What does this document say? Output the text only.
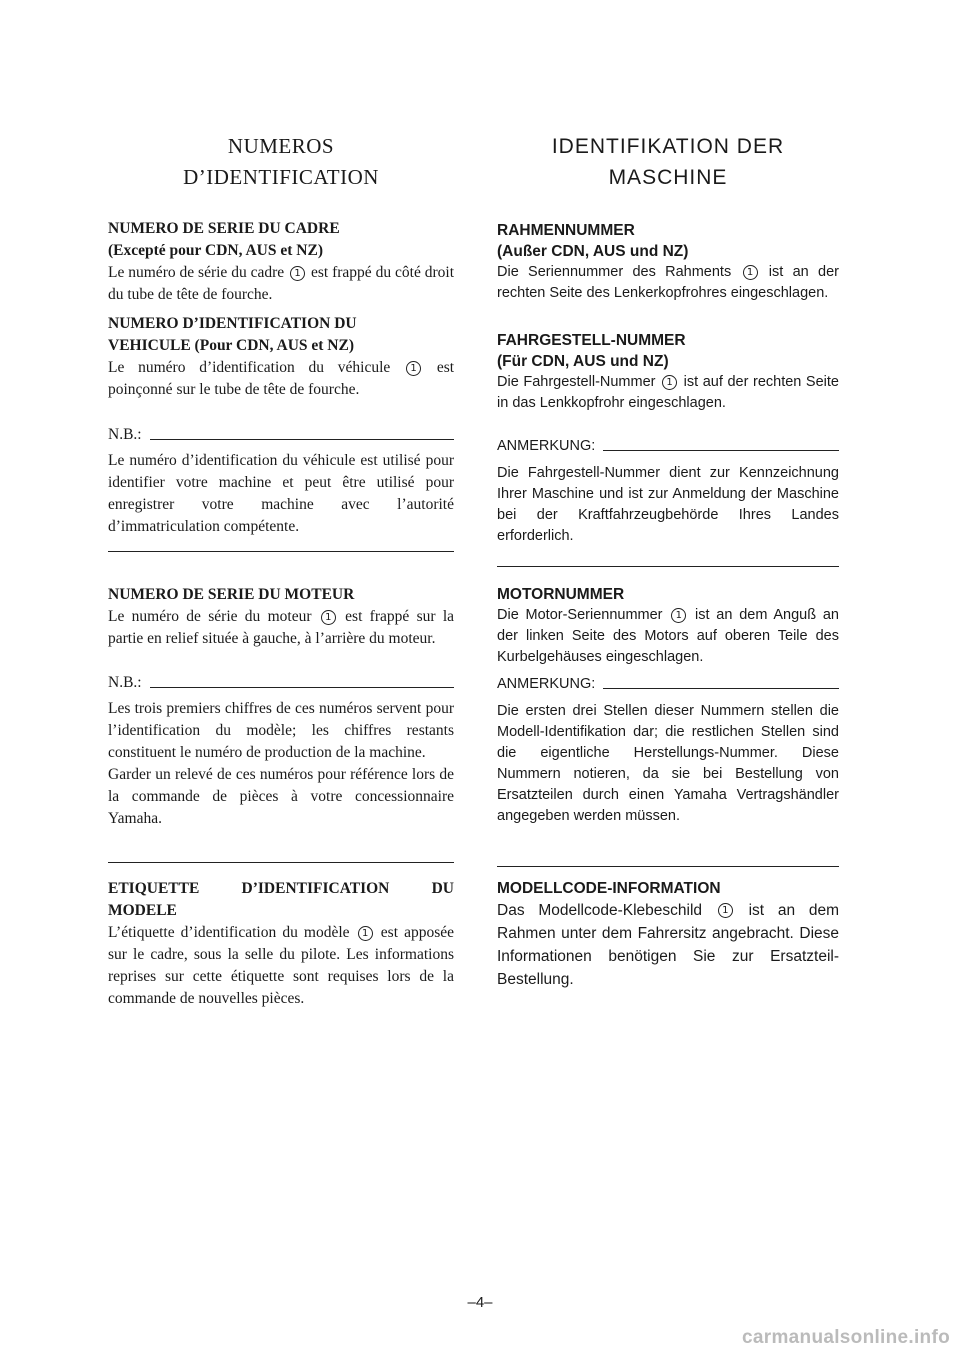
NUMEROS
D’IDENTIFICATION
NUMERO DE SERIE DU CADRE
(Excepté pour CDN, AUS et NZ)

Le numéro de série du cadre 1 est frappé du côté droit du tube de tête de fourche.

NUMERO D’IDENTIFICATION DU
VEHICULE (Pour CDN, AUS et NZ)

Le numéro d’identification du véhicule 1 est poinçonné sur le tube de tête de fourche.

N.B.:

Le numéro d’identification du véhicule est utilisé pour identifier votre machine et peut être utilisé pour enregistrer votre machine avec l’autorité d’immatriculation compétente.

NUMERO DE SERIE DU MOTEUR

Le numéro de série du moteur 1 est frappé sur la partie en relief située à gauche, à l’arrière du moteur.

N.B.:

Les trois premiers chiffres de ces numéros servent pour l’identification du modèle; les chiffres restants constituent le numéro de production de la machine.

Garder un relevé de ces numéros pour référence lors de la commande de pièces à votre concessionnaire Yamaha.

ETIQUETTE D’IDENTIFICATION DU
MODELE

L’étiquette d’identification du modèle 1 est apposée sur le cadre, sous la selle du pilote. Les informations reprises sur cette étiquette sont requises lors de la commande de nouvelles pièces.

IDENTIFIKATION DER
MASCHINE
RAHMENNUMMER
(Außer CDN, AUS und NZ)

Die Seriennummer des Rahments 1 ist an der rechten Seite des Lenkerkopfrohres eingeschlagen.

FAHRGESTELL-NUMMER
(Für CDN, AUS und NZ)

Die Fahrgestell-Nummer 1 ist auf der rechten Seite in das Lenkkopfrohr eingeschlagen.

ANMERKUNG:

Die Fahrgestell-Nummer dient zur Kennzeichnung Ihrer Maschine und ist zur Anmeldung der Maschine bei der Kraftfahrzeugbehörde Ihres Landes erforderlich.

MOTORNUMMER

Die Motor-Seriennummer 1 ist an dem Anguß an der linken Seite des Motors auf oberen Teile des Kurbelgehäuses eingeschlagen.

ANMERKUNG:

Die ersten drei Stellen dieser Nummern stellen die Modell-Identifikation dar; die restlichen Stellen sind die eigentliche Herstellungs-Nummer. Diese Nummern notieren, da sie bei Bestellung von Ersatzteilen durch einen Yamaha Vertragshändler angegeben werden müssen.

MODELLCODE-INFORMATION

Das Modellcode-Klebeschild 1 ist an dem Rahmen unter dem Fahrersitz angebracht. Diese Informationen benötigen Sie zur Ersatzteil-Bestellung.

–4–
carmanualsonline.info
